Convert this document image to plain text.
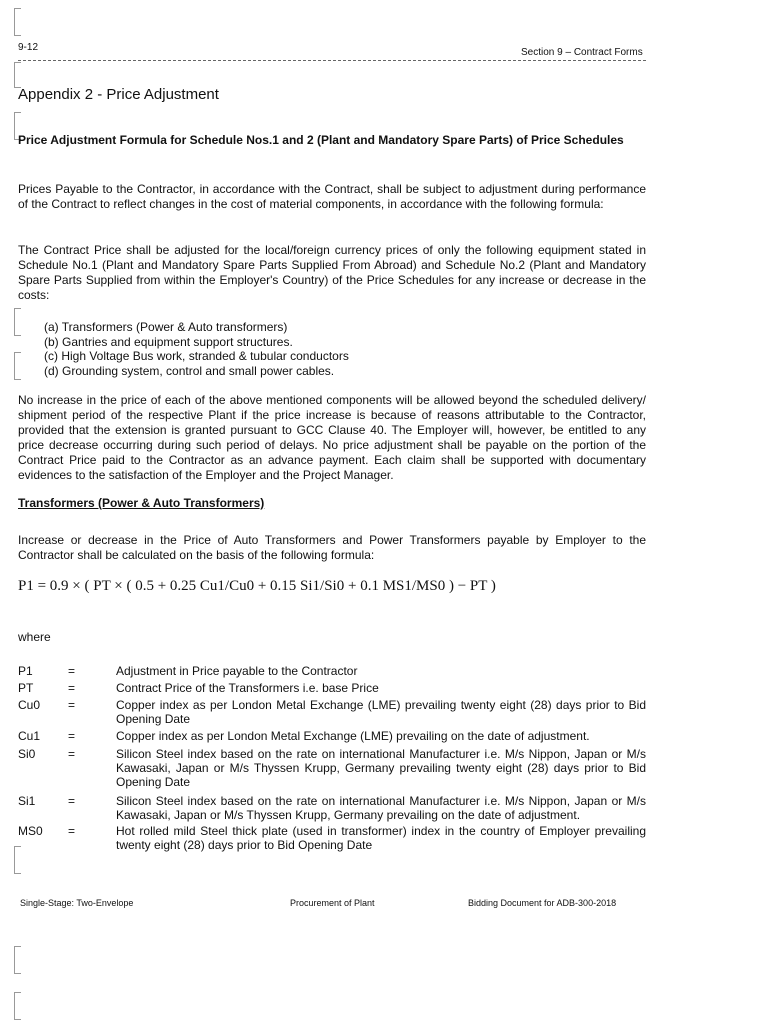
9-12	Section 9 – Contract Forms
Appendix 2 - Price Adjustment

Price Adjustment Formula for Schedule Nos.1 and 2 (Plant and Mandatory Spare Parts) of Price Schedules

Prices Payable to the Contractor, in accordance with the Contract, shall be subject to adjustment during performance of the Contract to reflect changes in the cost of material components, in accordance with the following formula:

The Contract Price shall be adjusted for the local/foreign currency prices of only the following equipment stated in Schedule No.1 (Plant and Mandatory Spare Parts Supplied From Abroad) and Schedule No.2 (Plant and Mandatory Spare Parts Supplied from within the Employer's Country) of the Price Schedules for any increase or decrease in the costs:

(a) Transformers (Power & Auto transformers)
(b) Gantries and equipment support structures.
(c) High Voltage Bus work, stranded & tubular conductors
(d) Grounding system, control and small power cables.

No increase in the price of each of the above mentioned components will be allowed beyond the scheduled delivery/ shipment period of the respective Plant if the price increase is because of reasons attributable to the Contractor, provided that the extension is granted pursuant to GCC Clause 40. The Employer will, however, be entitled to any price decrease occurring during such period of delays. No price adjustment shall be payable on the portion of the Contract Price paid to the Contractor as an advance payment. Each claim shall be supported with documentary evidences to the satisfaction of the Employer and the Project Manager.

Transformers (Power & Auto Transformers)

Increase or decrease in the Price of Auto Transformers and Power Transformers payable by Employer to the Contractor shall be calculated on the basis of the following formula:

P1 = 0.9 × ( PT × ( 0.5 + 0.25 Cu1/Cu0 + 0.15 Si1/Si0 + 0.1 MS1/MS0 ) − PT )
where
P1	=	Adjustment in Price payable to the Contractor
PT	=	Contract Price of the Transformers i.e. base Price
Cu0	=	Copper index as per London Metal Exchange (LME) prevailing twenty eight (28) days prior to Bid Opening Date
Cu1	=	Copper index as per London Metal Exchange (LME) prevailing on the date of adjustment.
Si0	=	Silicon Steel index based on the rate on international Manufacturer i.e. M/s Nippon, Japan or M/s Kawasaki, Japan or M/s Thyssen Krupp, Germany prevailing twenty eight (28) days prior to Bid Opening Date
Si1	=	Silicon Steel index based on the rate on international Manufacturer i.e. M/s Nippon, Japan or M/s Kawasaki, Japan or M/s Thyssen Krupp, Germany prevailing on the date of adjustment.
MS0	=	Hot rolled mild Steel thick plate (used in transformer) index in the country of Employer prevailing twenty eight (28) days prior to Bid Opening Date
Single-Stage: Two-Envelope	Procurement of Plant	Bidding Document for ADB-300-2018
